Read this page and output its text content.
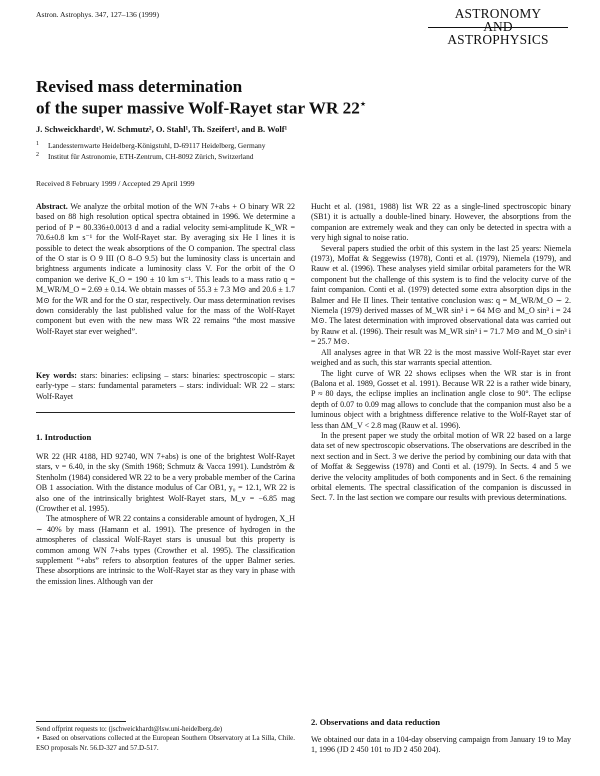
Astron. Astrophys. 347, 127–136 (1999)	ASTRONOMY
AND
ASTROPHYSICS
Revised mass determination
of the super massive Wolf-Rayet star WR 22⋆
J. Schweickhardt¹, W. Schmutz², O. Stahl¹, Th. Szeifert¹, and B. Wolf¹
1 Landessternwarte Heidelberg-Königstuhl, D-69117 Heidelberg, Germany
2 Institut für Astronomie, ETH-Zentrum, CH-8092 Zürich, Switzerland
Received 8 February 1999 / Accepted 29 April 1999

Abstract. We analyze the orbital motion of the WN 7+abs + O binary WR 22 based on 88 high resolution optical spectra obtained in 1996. We determine a period of P = 80.336±0.0013 d and a radial velocity semi-amplitude K_WR = 70.6±0.8 km s⁻¹ for the Wolf-Rayet star. By averaging six He I lines it is possible to detect the weak absorptions of the O companion. The spectral class of the O star is O 9 III (O 8–O 9.5) but the luminosity class is uncertain and brightness arguments indicate a luminosity class V. For the orbit of the O companion we derive K_O = 190 ± 10 km s⁻¹. This leads to a mass ratio q = M_WR/M_O = 2.69 ± 0.14. We obtain masses of 55.3 ± 7.3 M⊙ and 20.6 ± 1.7 M⊙ for the WR and for the O star, respectively. Our mass determination revises down considerably the last published value for the mass of the Wolf-Rayet component but even with the new mass WR 22 remains “the most massive Wolf-Rayet star ever weighed”.

Key words: stars: binaries: eclipsing – stars: binaries: spectroscopic – stars: early-type – stars: fundamental parameters – stars: individual: WR 22 – stars: Wolf-Rayet

1. Introduction

WR 22 (HR 4188, HD 92740, WN 7+abs) is one of the brightest Wolf-Rayet stars, v = 6.40, in the sky (Smith 1968; Schmutz & Vacca 1991). Lundström & Stenholm (1984) considered WR 22 to be a very probable member of the Carina OB 1 association. With the distance modulus of Car OB1, y₀ = 12.1, WR 22 is also one of the intrinsically brightest Wolf-Rayet stars, M_v = −6.85 mag (Crowther et al. 1995).

The atmosphere of WR 22 contains a considerable amount of hydrogen, X_H ∼ 40% by mass (Hamann et al. 1991). The presence of hydrogen in the atmospheres of classical Wolf-Rayet stars is unusual but this property is common among WN 7+abs types (Crowther et al. 1995). The classification supplement “+abs” refers to absorption features of the upper Balmer series. These absorptions are intrinsic to the Wolf-Rayet star as they vary in phase with the emission lines. Although van der

Send offprint requests to: (jschweickhardt@lsw.uni-heidelberg.de)

⋆ Based on observations collected at the European Southern Observatory at La Silla, Chile. ESO proposals Nr. 56.D-327 and 57.D-517.

Hucht et al. (1981, 1988) list WR 22 as a single-lined spectroscopic binary (SB1) it is actually a double-lined binary. However, the absorptions from the companion are extremely weak and they can only be detected in spectra with a very high signal to noise ratio.

Several papers studied the orbit of this system in the last 25 years: Niemela (1973), Moffat & Seggewiss (1978), Conti et al. (1979), Niemela (1979), and Rauw et al. (1996). These analyses yield similar orbital parameters for the WR component but the challenge of this system is to find the velocity curve of the faint companion. Conti et al. (1979) detected some extra absorption dips in the Balmer and He II lines. Their tentative conclusion was: q = M_WR/M_O ∼ 2. Niemela (1979) derived masses of M_WR sin³ i = 64 M⊙ and M_O sin³ i = 24 M⊙. The latest determination with improved observational data was carried out by Rauw et al. (1996). Their result was M_WR sin³ i = 71.7 M⊙ and M_O sin³ i = 25.7 M⊙.

All analyses agree in that WR 22 is the most massive Wolf-Rayet star ever weighed and as such, this star warrants special attention.

The light curve of WR 22 shows eclipses when the WR star is in front (Balona et al. 1989, Gosset et al. 1991). Because WR 22 is a rather wide binary, P ≈ 80 days, the eclipse implies an inclination angle close to 90°. The eclipse depth of 0.07 to 0.09 mag allows to conclude that the companion must also be a luminous object with a brightness difference relative to the Wolf-Rayet star of less than ΔM_V < 2.8 mag (Rauw et al. 1996).

In the present paper we study the orbital motion of WR 22 based on a large data set of new spectroscopic observations. The observations are described in the next section and in Sect. 3 we derive the period by combining our data with that of Moffat & Seggewiss (1978) and Conti et al. (1979). In Sects. 4 and 5 we derive the velocity amplitudes of both components and in Sect. 6 the remaining orbital elements. The spectral classification of the companion is discussed in Sect. 7. In the last section we compare our results with previous determinations.

2. Observations and data reduction

We obtained our data in a 104-day observing campaign from January 19 to May 1, 1996 (JD 2 450 101 to JD 2 450 204).
